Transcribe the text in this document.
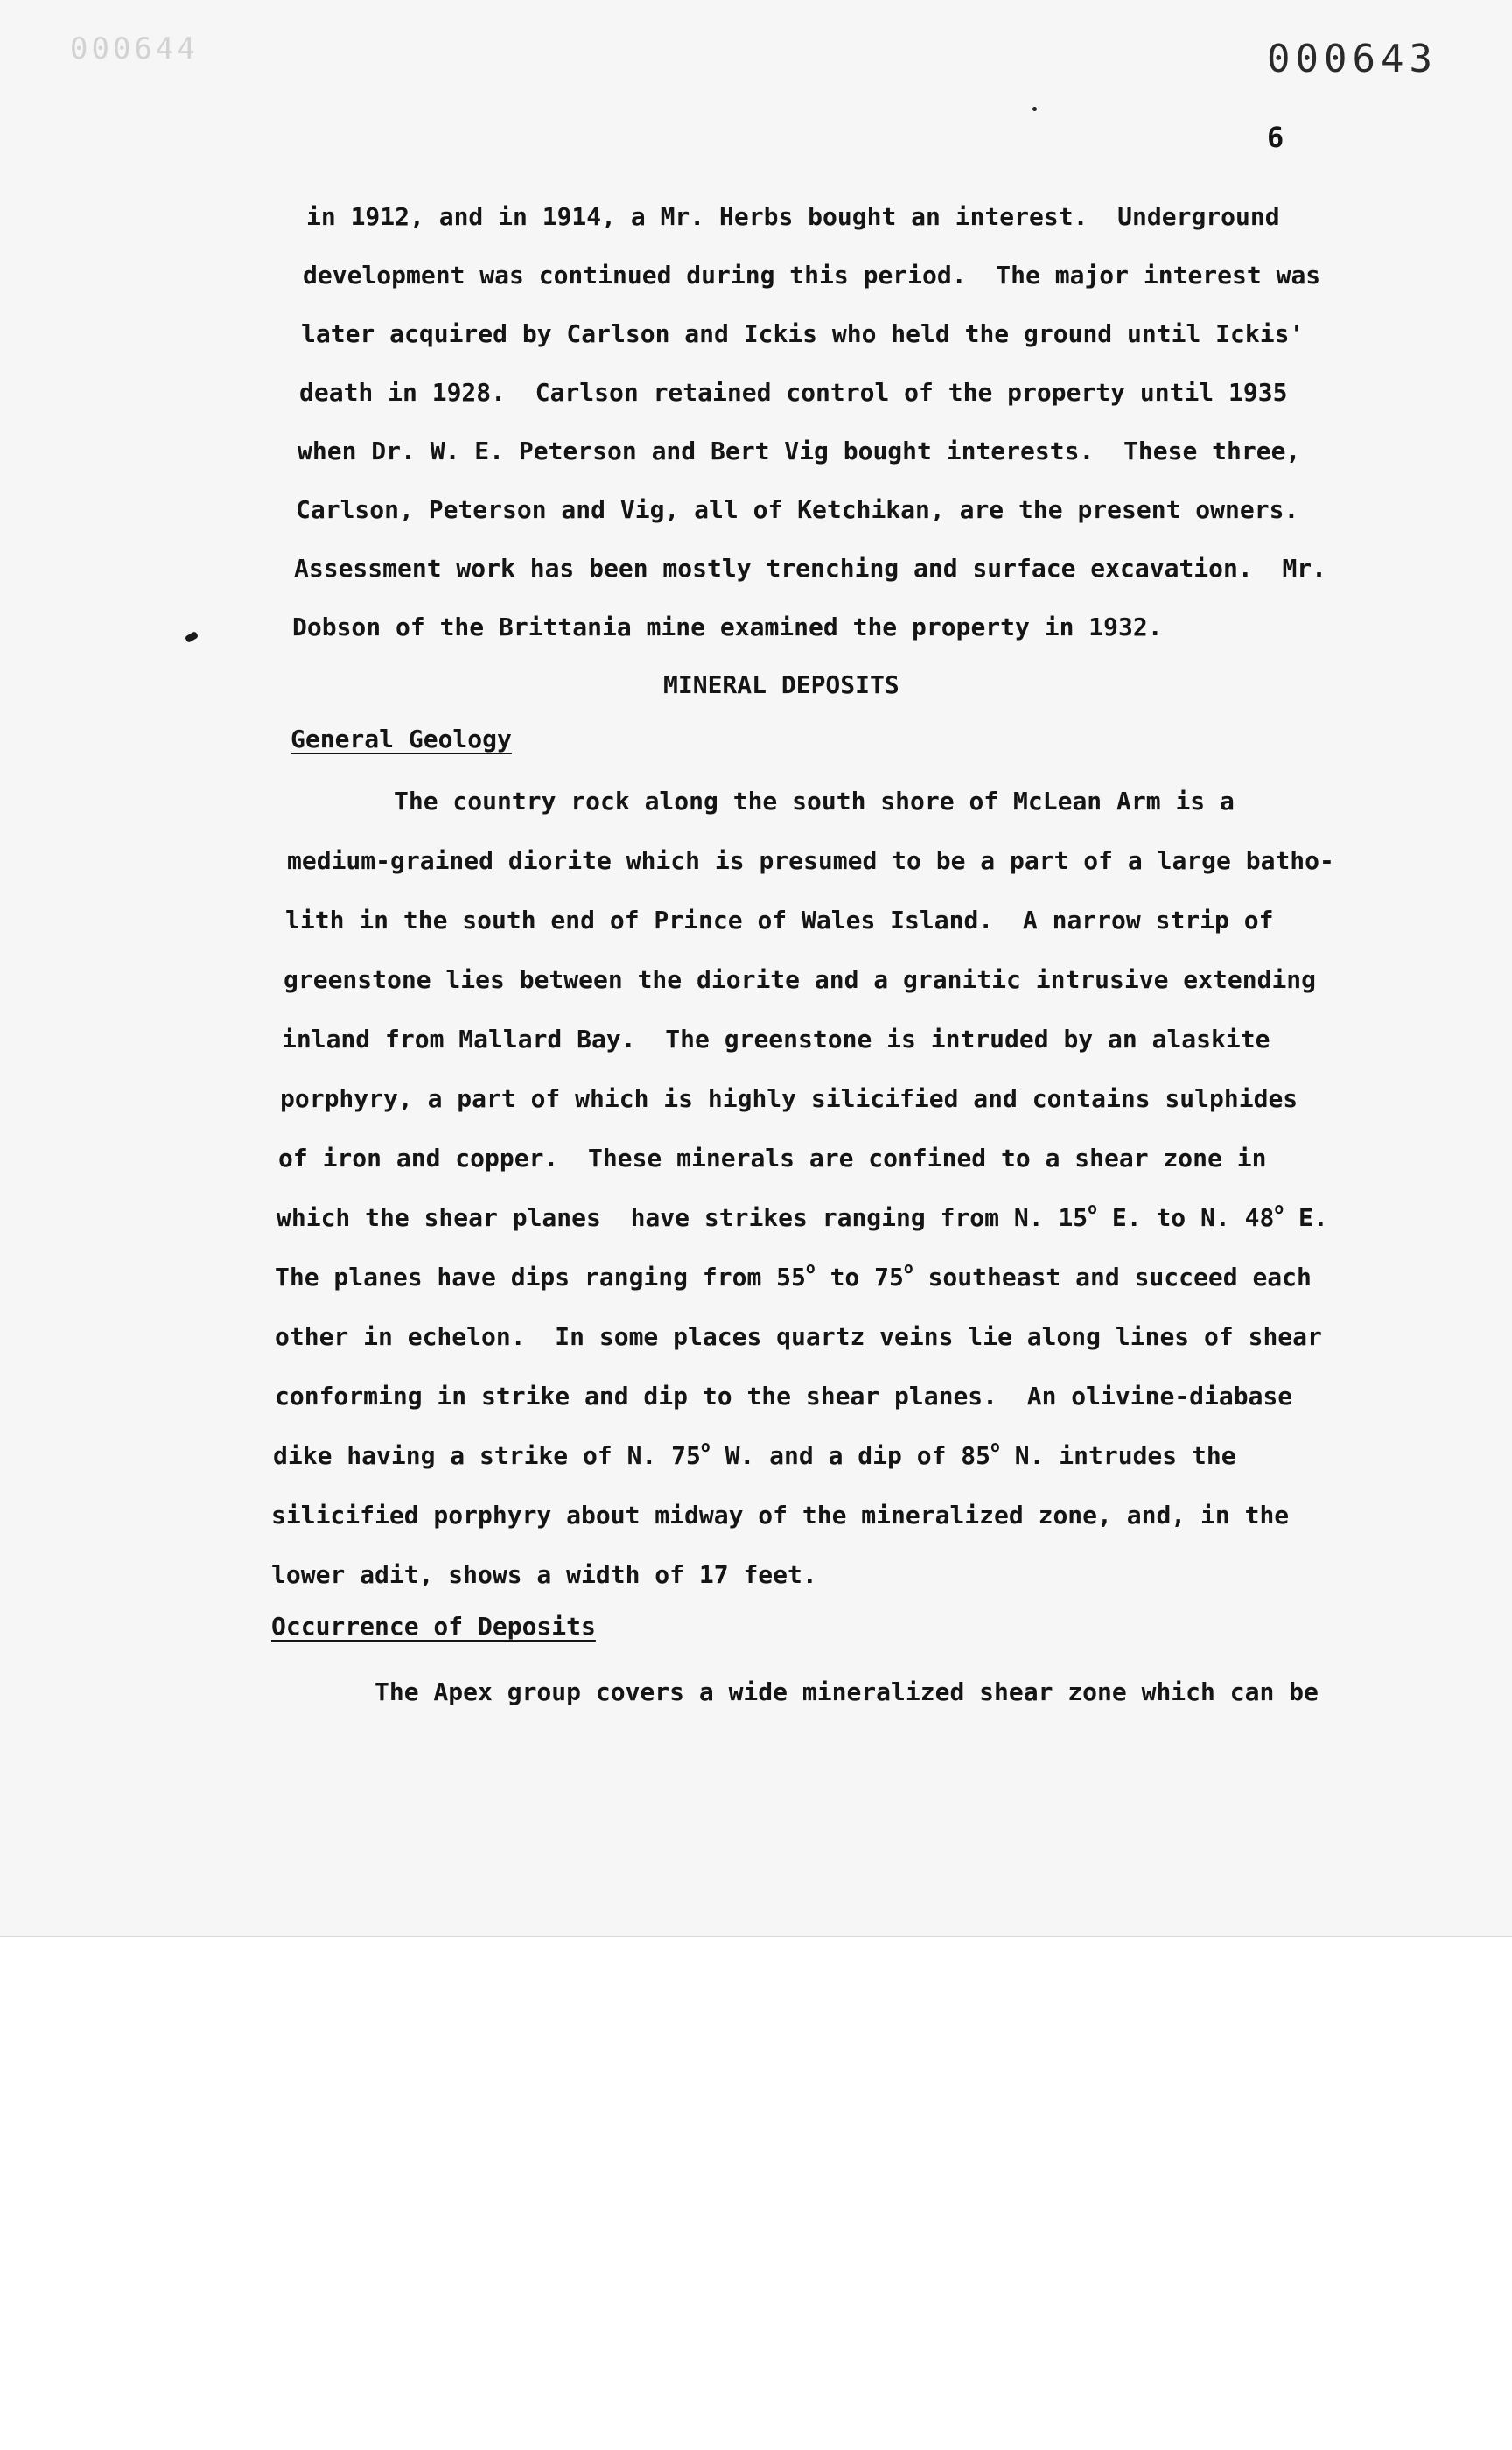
000644	000643
6
in 1912, and in 1914, a Mr. Herbs bought an interest.  Underground
development was continued during this period.  The major interest was
later acquired by Carlson and Ickis who held the ground until Ickis'
death in 1928.  Carlson retained control of the property until 1935
when Dr. W. E. Peterson and Bert Vig bought interests.  These three,
Carlson, Peterson and Vig, all of Ketchikan, are the present owners.
Assessment work has been mostly trenching and surface excavation.  Mr.
Dobson of the Brittania mine examined the property in 1932.
MINERAL DEPOSITS
General Geology
The country rock along the south shore of McLean Arm is a
medium-grained diorite which is presumed to be a part of a large batho-
lith in the south end of Prince of Wales Island.  A narrow strip of
greenstone lies between the diorite and a granitic intrusive extending
inland from Mallard Bay.  The greenstone is intruded by an alaskite
porphyry, a part of which is highly silicified and contains sulphides
of iron and copper.  These minerals are confined to a shear zone in
which the shear planes  have strikes ranging from N. 15$^o$ E. to N. 48$^o$ E.
The planes have dips ranging from 55$^o$ to 75$^o$ southeast and succeed each
other in echelon.  In some places quartz veins lie along lines of shear
conforming in strike and dip to the shear planes.  An olivine-diabase
dike having a strike of N. 75$^o$ W. and a dip of 85$^o$ N. intrudes the
silicified porphyry about midway of the mineralized zone, and, in the
lower adit, shows a width of 17 feet.
Occurrence of Deposits
The Apex group covers a wide mineralized shear zone which can be
